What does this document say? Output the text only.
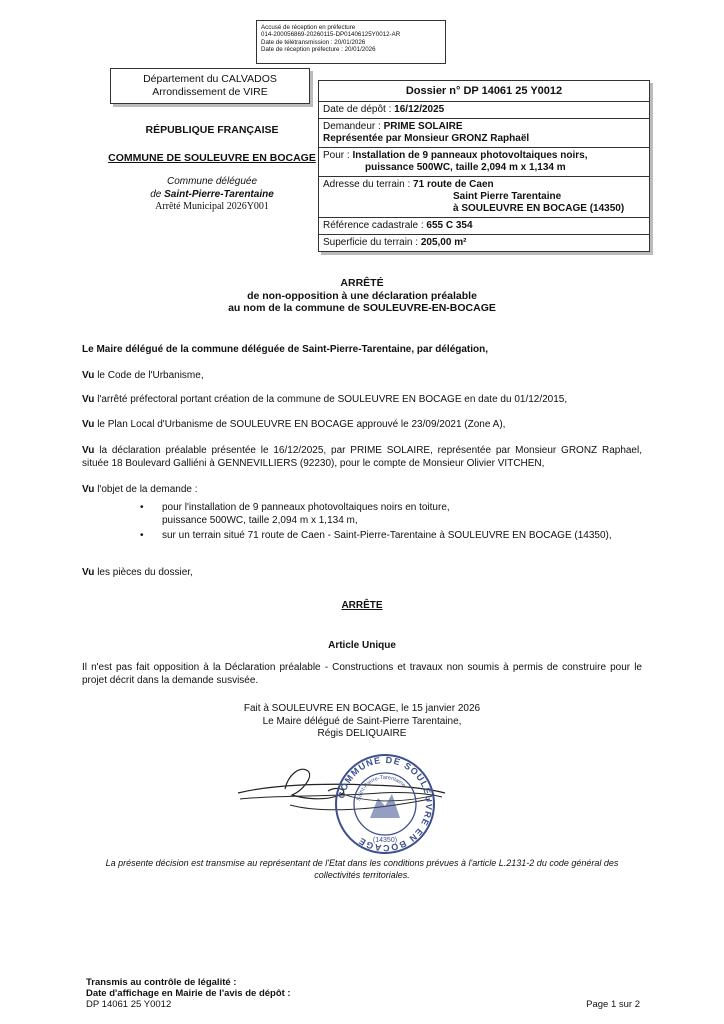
Accusé de réception en préfecture
014-200056869-20260115-DP01406125Y0012-AR
Date de télétransmission : 20/01/2026
Date de réception préfecture : 20/01/2026
Département du CALVADOS
Arrondissement de VIRE
RÉPUBLIQUE FRANÇAISE
COMMUNE DE SOULEUVRE EN BOCAGE
Commune déléguée
de Saint-Pierre-Tarentaine
Arrêté Municipal 2026Y001
Dossier n° DP 14061 25 Y0012
Date de dépôt : 16/12/2025
Demandeur : PRIME SOLAIRE
Représentée par Monsieur GRONZ Raphaël
Pour : Installation de 9 panneaux photovoltaiques noirs,
puissance 500WC, taille 2,094 m x 1,134 m
Adresse du terrain : 71 route de Caen
Saint Pierre Tarentaine
à SOULEUVRE EN BOCAGE (14350)
Référence cadastrale : 655 C 354
Superficie du terrain : 205,00 m²
ARRÊTÉ
de non-opposition à une déclaration préalable
au nom de la commune de SOULEUVRE-EN-BOCAGE
Le Maire délégué de la commune déléguée de Saint-Pierre-Tarentaine, par délégation,
Vu le Code de l'Urbanisme,
Vu l'arrêté préfectoral portant création de la commune de SOULEUVRE EN BOCAGE en date du 01/12/2015,
Vu le Plan Local d'Urbanisme de SOULEUVRE EN BOCAGE approuvé le 23/09/2021 (Zone A),
Vu la déclaration préalable présentée le 16/12/2025, par PRIME SOLAIRE, représentée par Monsieur GRONZ Raphael, située 18 Boulevard Galliéni à GENNEVILLIERS (92230), pour le compte de Monsieur Olivier VITCHEN,
Vu l'objet de la demande :
• pour l'installation de 9 panneaux photovoltaiques noirs en toiture,
puissance 500WC, taille 2,094 m x 1,134 m,
• sur un terrain situé 71 route de Caen - Saint-Pierre-Tarentaine à SOULEUVRE EN BOCAGE (14350),
Vu les pièces du dossier,
ARRÊTE
Article Unique
Il n'est pas fait opposition à la Déclaration préalable - Constructions et travaux non soumis à permis de construire pour le projet décrit dans la demande susvisée.
Fait à SOULEUVRE EN BOCAGE, le 15 janvier 2026
Le Maire délégué de Saint-Pierre Tarentaine,
Régis DELIQUAIRE
COMMUNE DE SOULEUVRE EN BOCAGE
Saint-Pierre-Tarentaine
(14350)
La présente décision est transmise au représentant de l'Etat dans les conditions prévues à l'article L.2131-2 du code général des collectivités territoriales.
Transmis au contrôle de légalité :
Date d'affichage en Mairie de l'avis de dépôt :
DP 14061 25 Y0012	Page 1 sur 2
